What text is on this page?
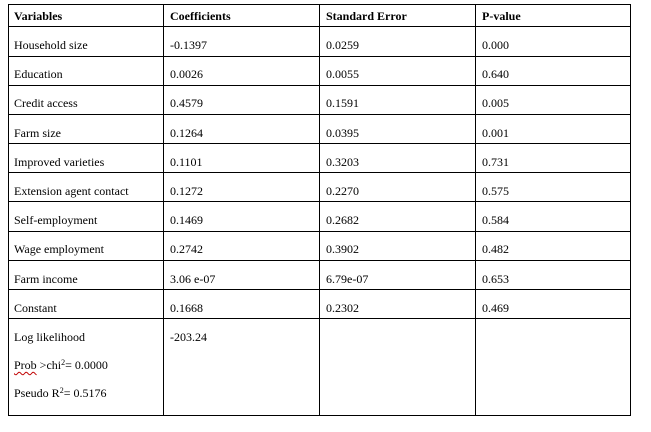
Variables	Coefficients	Standard Error	P-value
Household size	-0.1397	0.0259	0.000
Education	0.0026	0.0055	0.640
Credit access	0.4579	0.1591	0.005
Farm size	0.1264	0.0395	0.001
Improved varieties	0.1101	0.3203	0.731
Extension agent contact	0.1272	0.2270	0.575
Self-employment	0.1469	0.2682	0.584
Wage employment	0.2742	0.3902	0.482
Farm income	3.06 e-07	6.79e-07	0.653
Constant	0.1668	0.2302	0.469
Log likelihood	-203.24
Prob >chi$^2$= 0.0000
Pseudo $R^2= 0.5176$
